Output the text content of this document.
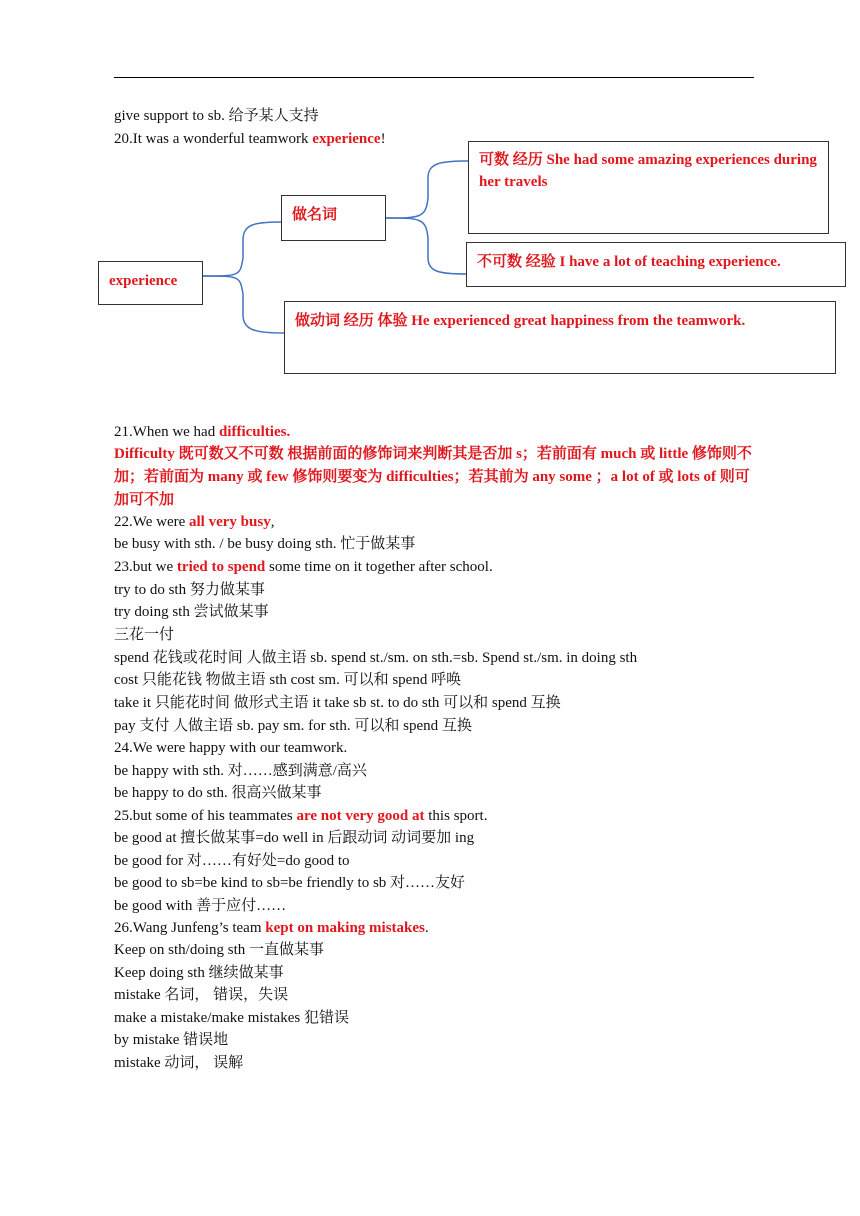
give support to sb. 给予某人支持
20.It was a wonderful teamwork experience!
experience
做名词
可数 经历 She had some amazing experiences during her travels
不可数 经验 I have a lot of teaching experience.
做动词 经历 体验 He experienced great happiness from the teamwork.
21.When we had difficulties.
Difficulty 既可数又不可数 根据前面的修饰词来判断其是否加 s；若前面有 much 或 little 修饰则不加；若前面为 many 或 few 修饰则要变为 difficulties；若其前为 any some ；a lot of 或 lots of 则可加可不加
22.We were all very busy,
be busy with sth. / be busy doing sth. 忙于做某事
23.but we tried to spend some time on it together after school.
try to do sth 努力做某事
try doing sth 尝试做某事
三花一付
spend 花钱或花时间 人做主语 sb. spend st./sm. on sth.=sb. Spend st./sm. in doing sth
cost 只能花钱 物做主语 sth cost sm. 可以和 spend 呼唤
take it 只能花时间 做形式主语 it take sb st. to do sth 可以和 spend 互换
pay 支付 人做主语 sb. pay sm. for sth. 可以和 spend 互换
24.We were happy with our teamwork.
be happy with sth. 对……感到满意/高兴
be happy to do sth. 很高兴做某事
25.but some of his teammates are not very good at this sport.
be good at 擅长做某事=do well in 后跟动词 动词要加 ing
be good for 对……有好处=do good to
be good to sb=be kind to sb=be friendly to sb 对……友好
be good with 善于应付……
26.Wang Junfeng’s team kept on making mistakes.
Keep on sth/doing sth 一直做某事
Keep doing sth 继续做某事
mistake 名词， 错误，失误
make a mistake/make mistakes 犯错误
by mistake 错误地
mistake 动词， 误解
